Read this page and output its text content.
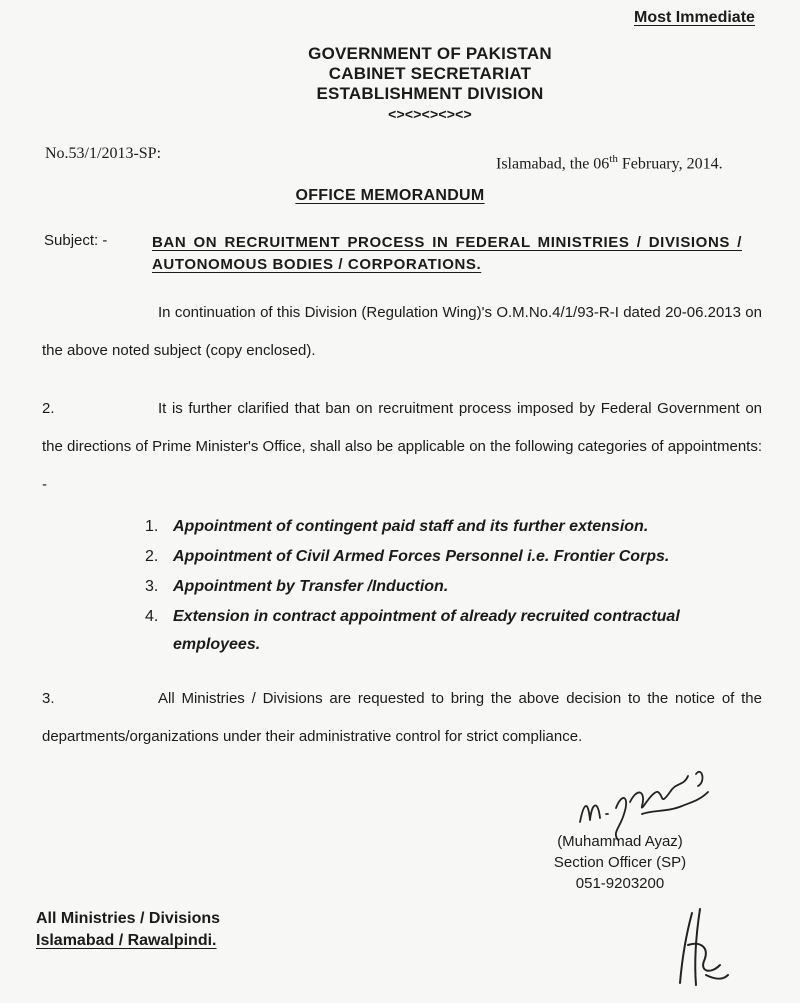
Most Immediate
GOVERNMENT OF PAKISTAN
CABINET SECRETARIAT
ESTABLISHMENT DIVISION
<><><><><>
No.53/1/2013-SP:
Islamabad, the 06th February, 2014.
OFFICE MEMORANDUM
Subject: -	BAN ON RECRUITMENT PROCESS IN FEDERAL MINISTRIES / DIVISIONS / AUTONOMOUS BODIES / CORPORATIONS.
In continuation of this Division (Regulation Wing)'s O.M.No.4/1/93-R-I dated 20-06.2013 on the above noted subject (copy enclosed).
2.	It is further clarified that ban on recruitment process imposed by Federal Government on the directions of Prime Minister's Office, shall also be applicable on the following categories of appointments: -
1. Appointment of contingent paid staff and its further extension.
2. Appointment of Civil Armed Forces Personnel i.e. Frontier Corps.
3. Appointment by Transfer /Induction.
4. Extension in contract appointment of already recruited contractual employees.
3.	All Ministries / Divisions are requested to bring the above decision to the notice of the departments/organizations under their administrative control for strict compliance.
(Muhammad Ayaz)
Section Officer (SP)
051-9203200
All Ministries / Divisions
Islamabad / Rawalpindi.
